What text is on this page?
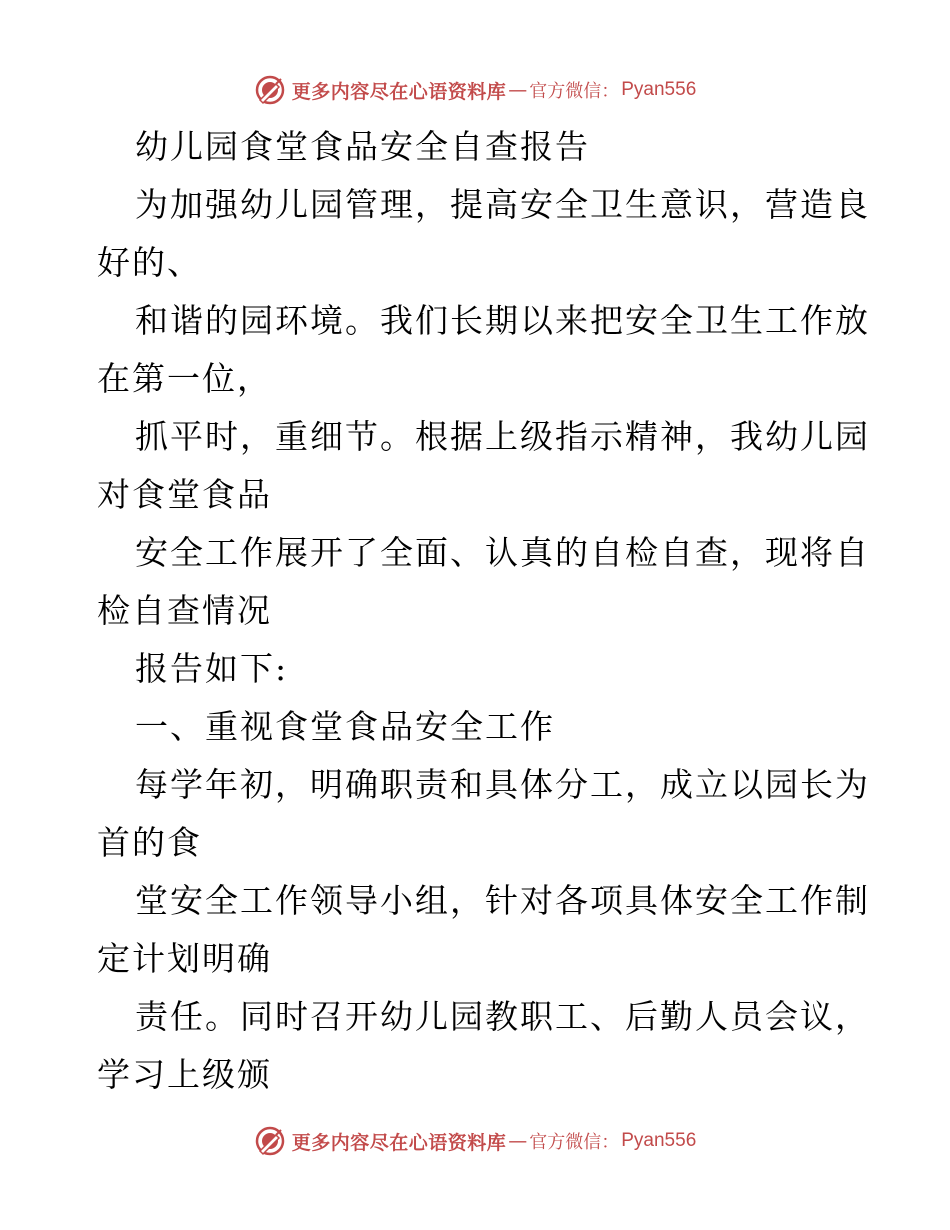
更多内容尽在心语资料库 — 官方微信： Pyan556
幼儿园食堂食品安全自查报告
为加强幼儿园管理，提高安全卫生意识，营造良
好的、
和谐的园环境。我们长期以来把安全卫生工作放
在第一位，
抓平时，重细节。根据上级指示精神，我幼儿园
对食堂食品
安全工作展开了全面、认真的自检自查，现将自
检自查情况
报告如下:
一、重视食堂食品安全工作
每学年初，明确职责和具体分工，成立以园长为
首的食
堂安全工作领导小组，针对各项具体安全工作制
定计划明确
责任。同时召开幼儿园教职工、后勤人员会议，
学习上级颁
更多内容尽在心语资料库 — 官方微信： Pyan556
